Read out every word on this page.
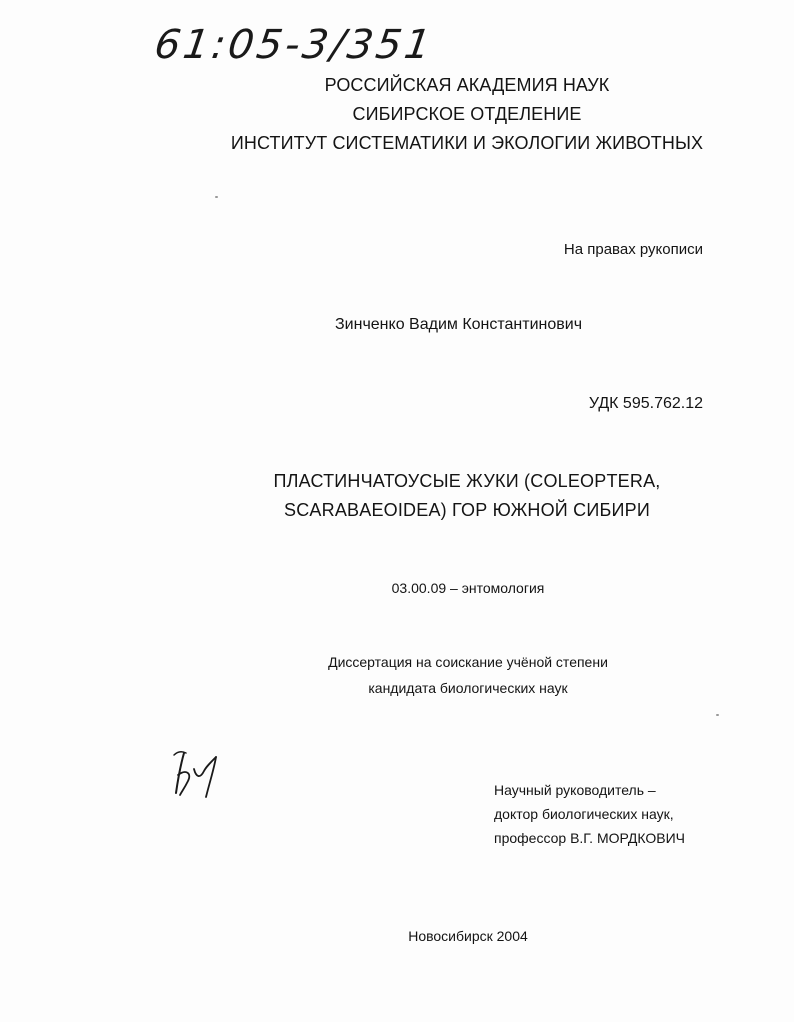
61:05-3/351
РОССИЙСКАЯ АКАДЕМИЯ НАУК
СИБИРСКОЕ ОТДЕЛЕНИЕ
ИНСТИТУТ СИСТЕМАТИКИ И ЭКОЛОГИИ ЖИВОТНЫХ
На правах рукописи
Зинченко Вадим Константинович
УДК 595.762.12
ПЛАСТИНЧАТОУСЫЕ ЖУКИ (COLEOPTERA,
SCARABAEOIDEA) ГОР ЮЖНОЙ СИБИРИ
03.00.09 – энтомология
Диссертация на соискание учёной степени
кандидата биологических наук
Научный руководитель –
доктор биологических наук,
профессор В.Г. МОРДКОВИЧ
Новосибирск 2004
